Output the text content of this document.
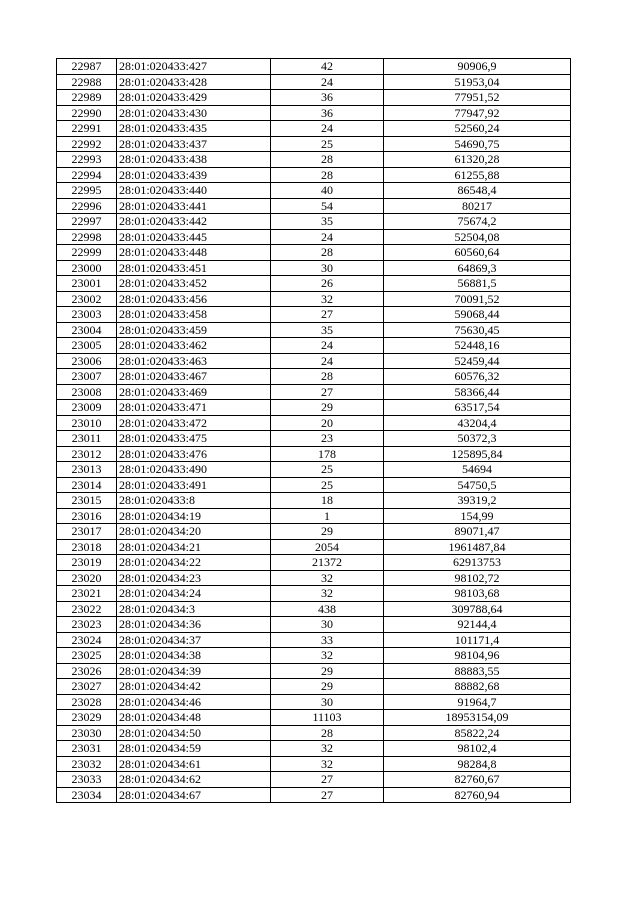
22987	28:01:020433:427	42	90906,9
22988	28:01:020433:428	24	51953,04
22989	28:01:020433:429	36	77951,52
22990	28:01:020433:430	36	77947,92
22991	28:01:020433:435	24	52560,24
22992	28:01:020433:437	25	54690,75
22993	28:01:020433:438	28	61320,28
22994	28:01:020433:439	28	61255,88
22995	28:01:020433:440	40	86548,4
22996	28:01:020433:441	54	80217
22997	28:01:020433:442	35	75674,2
22998	28:01:020433:445	24	52504,08
22999	28:01:020433:448	28	60560,64
23000	28:01:020433:451	30	64869,3
23001	28:01:020433:452	26	56881,5
23002	28:01:020433:456	32	70091,52
23003	28:01:020433:458	27	59068,44
23004	28:01:020433:459	35	75630,45
23005	28:01:020433:462	24	52448,16
23006	28:01:020433:463	24	52459,44
23007	28:01:020433:467	28	60576,32
23008	28:01:020433:469	27	58366,44
23009	28:01:020433:471	29	63517,54
23010	28:01:020433:472	20	43204,4
23011	28:01:020433:475	23	50372,3
23012	28:01:020433:476	178	125895,84
23013	28:01:020433:490	25	54694
23014	28:01:020433:491	25	54750,5
23015	28:01:020433:8	18	39319,2
23016	28:01:020434:19	1	154,99
23017	28:01:020434:20	29	89071,47
23018	28:01:020434:21	2054	1961487,84
23019	28:01:020434:22	21372	62913753
23020	28:01:020434:23	32	98102,72
23021	28:01:020434:24	32	98103,68
23022	28:01:020434:3	438	309788,64
23023	28:01:020434:36	30	92144,4
23024	28:01:020434:37	33	101171,4
23025	28:01:020434:38	32	98104,96
23026	28:01:020434:39	29	88883,55
23027	28:01:020434:42	29	88882,68
23028	28:01:020434:46	30	91964,7
23029	28:01:020434:48	11103	18953154,09
23030	28:01:020434:50	28	85822,24
23031	28:01:020434:59	32	98102,4
23032	28:01:020434:61	32	98284,8
23033	28:01:020434:62	27	82760,67
23034	28:01:020434:67	27	82760,94
